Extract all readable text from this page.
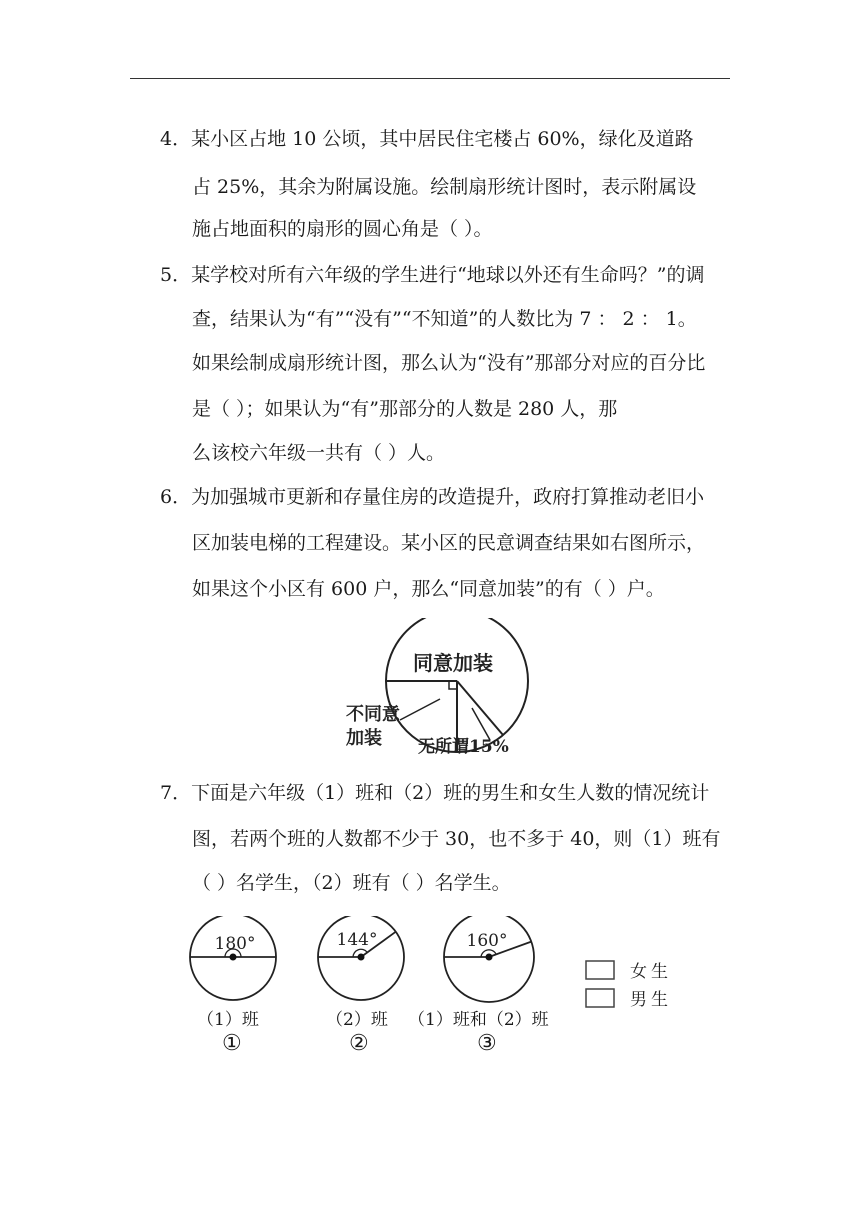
4．某小区占地 10 公顷，其中居民住宅楼占 60%，绿化及道路
占 25%，其余为附属设施。绘制扇形统计图时，表示附属设
施占地面积的扇形的圆心角是（ ）。
5．某学校对所有六年级的学生进行“地球以外还有生命吗？”的调
查，结果认为“有”“没有”“不知道”的人数比为 7 ： 2 ： 1。
如果绘制成扇形统计图，那么认为“没有”那部分对应的百分比
是（ ）；如果认为“有”那部分的人数是 280 人，那
么该校六年级一共有（ ）人。
6．为加强城市更新和存量住房的改造提升，政府打算推动老旧小
区加装电梯的工程建设。某小区的民意调查结果如右图所示，
如果这个小区有 600 户，那么“同意加装”的有（ ）户。
同意加装
不同意
加装 无所谓15%
7．下面是六年级（1）班和（2）班的男生和女生人数的情况统计
图，若两个班的人数都不少于 30，也不多于 40，则（1）班有
（ ）名学生，（2）班有（ ）名学生。
180°	144°	160°
女生
男生
（1）班	（2）班 （1）班和（2）班
①	②	③
